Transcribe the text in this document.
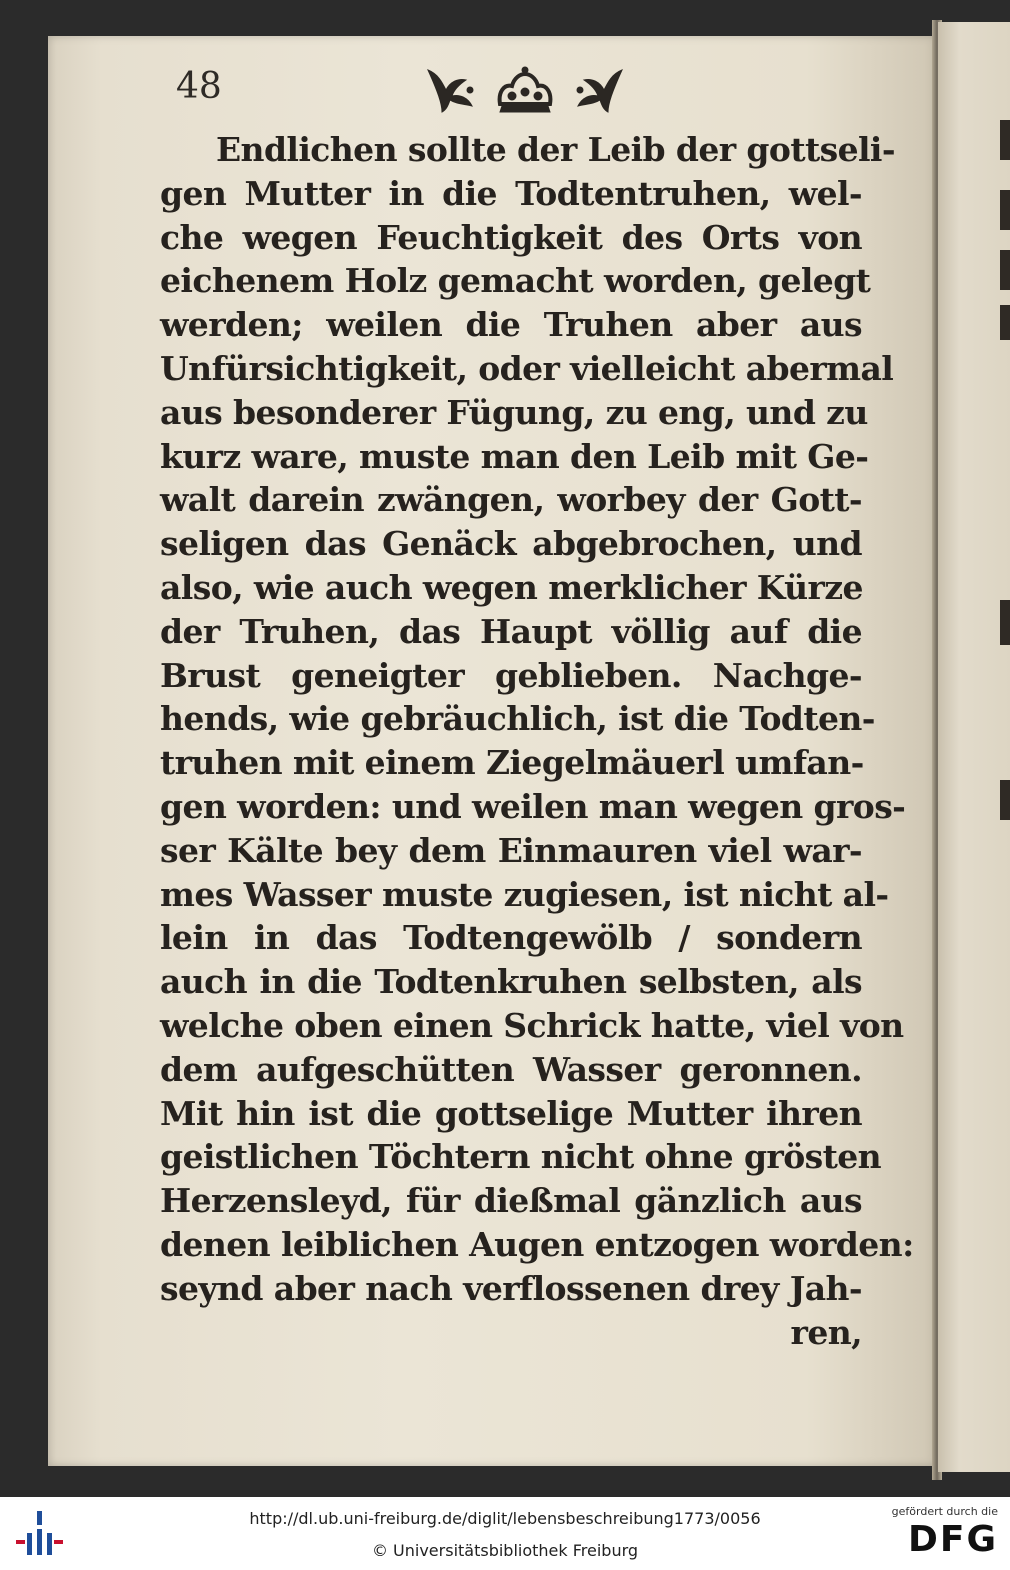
48
Endlichen sollte der Leib der gottseli-
gen Mutter in die Todtentruhen, wel-
che wegen Feuchtigkeit des Orts von
eichenem Holz gemacht worden, gelegt
werden; weilen die Truhen aber aus
Unfürsichtigkeit, oder vielleicht abermal
aus besonderer Fügung, zu eng, und zu
kurz ware, muste man den Leib mit Ge-
walt darein zwängen, worbey der Gott-
seligen das Genäck abgebrochen, und
also, wie auch wegen merklicher Kürze
der Truhen, das Haupt völlig auf die
Brust geneigter geblieben. Nachge-
hends, wie gebräuchlich, ist die Todten-
truhen mit einem Ziegelmäuerl umfan-
gen worden: und weilen man wegen gros-
ser Kälte bey dem Einmauren viel war-
mes Wasser muste zugiesen, ist nicht al-
lein in das Todtengewölb / sondern
auch in die Todtenkruhen selbsten, als
welche oben einen Schrick hatte, viel von
dem aufgeschütten Wasser geronnen.
Mit hin ist die gottselige Mutter ihren
geistlichen Töchtern nicht ohne grösten
Herzensleyd, für dießmal gänzlich aus
denen leiblichen Augen entzogen worden:
seynd aber nach verflossenen drey Jah-
ren,
http://dl.ub.uni-freiburg.de/diglit/lebensbeschreibung1773/0056
© Universitätsbibliothek Freiburg
gefördert durch die
DFG
